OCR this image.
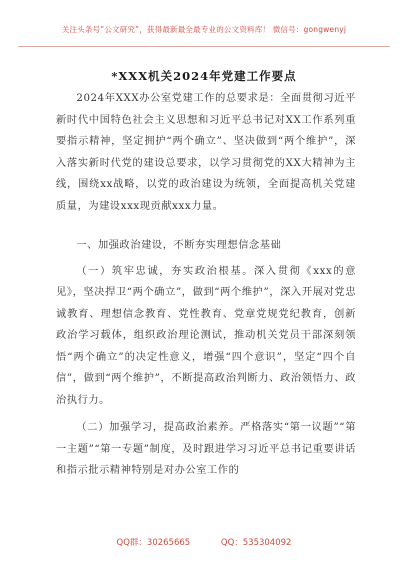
关注头条号“公文研究”，获得最新最全最专业的公文资料库！ 微信号：gongwenyj
*XXX机关2024年党建工作要点

2024年XXX办公室党建工作的总要求是：全面贯彻习近平新时代中国特色社会主义思想和习近平总书记对XX工作系列重要指示精神，坚定拥护“两个确立”、坚决做到“两个维护”，深入落实新时代党的建设总要求，以学习贯彻党的XX大精神为主线，围绕xx战略，以党的政治建设为统领，全面提高机关党建质量，为建设xxx现贡献xxx力量。

一、加强政治建设，不断夯实理想信念基础

（一）筑牢忠诚，夯实政治根基。深入贯彻《xxx的意见》，坚决捍卫“两个确立”，做到“两个维护”，深入开展对党忠诚教育、理想信念教育、党性教育、党章党规党纪教育，创新政治学习载体，组织政治理论测试，推动机关党员干部深刻领悟“两个确立”的决定性意义，增强“四个意识”，坚定“四个自信”，做到“两个维护”，不断提高政治判断力、政治领悟力、政治执行力。

（二）加强学习，提高政治素养。严格落实“第一议题”“第一主题”“第一专题”制度，及时跟进学习习近平总书记重要讲话和指示批示精神特别是对办公室工作的

QQ群：30265665	QQ：535304092
